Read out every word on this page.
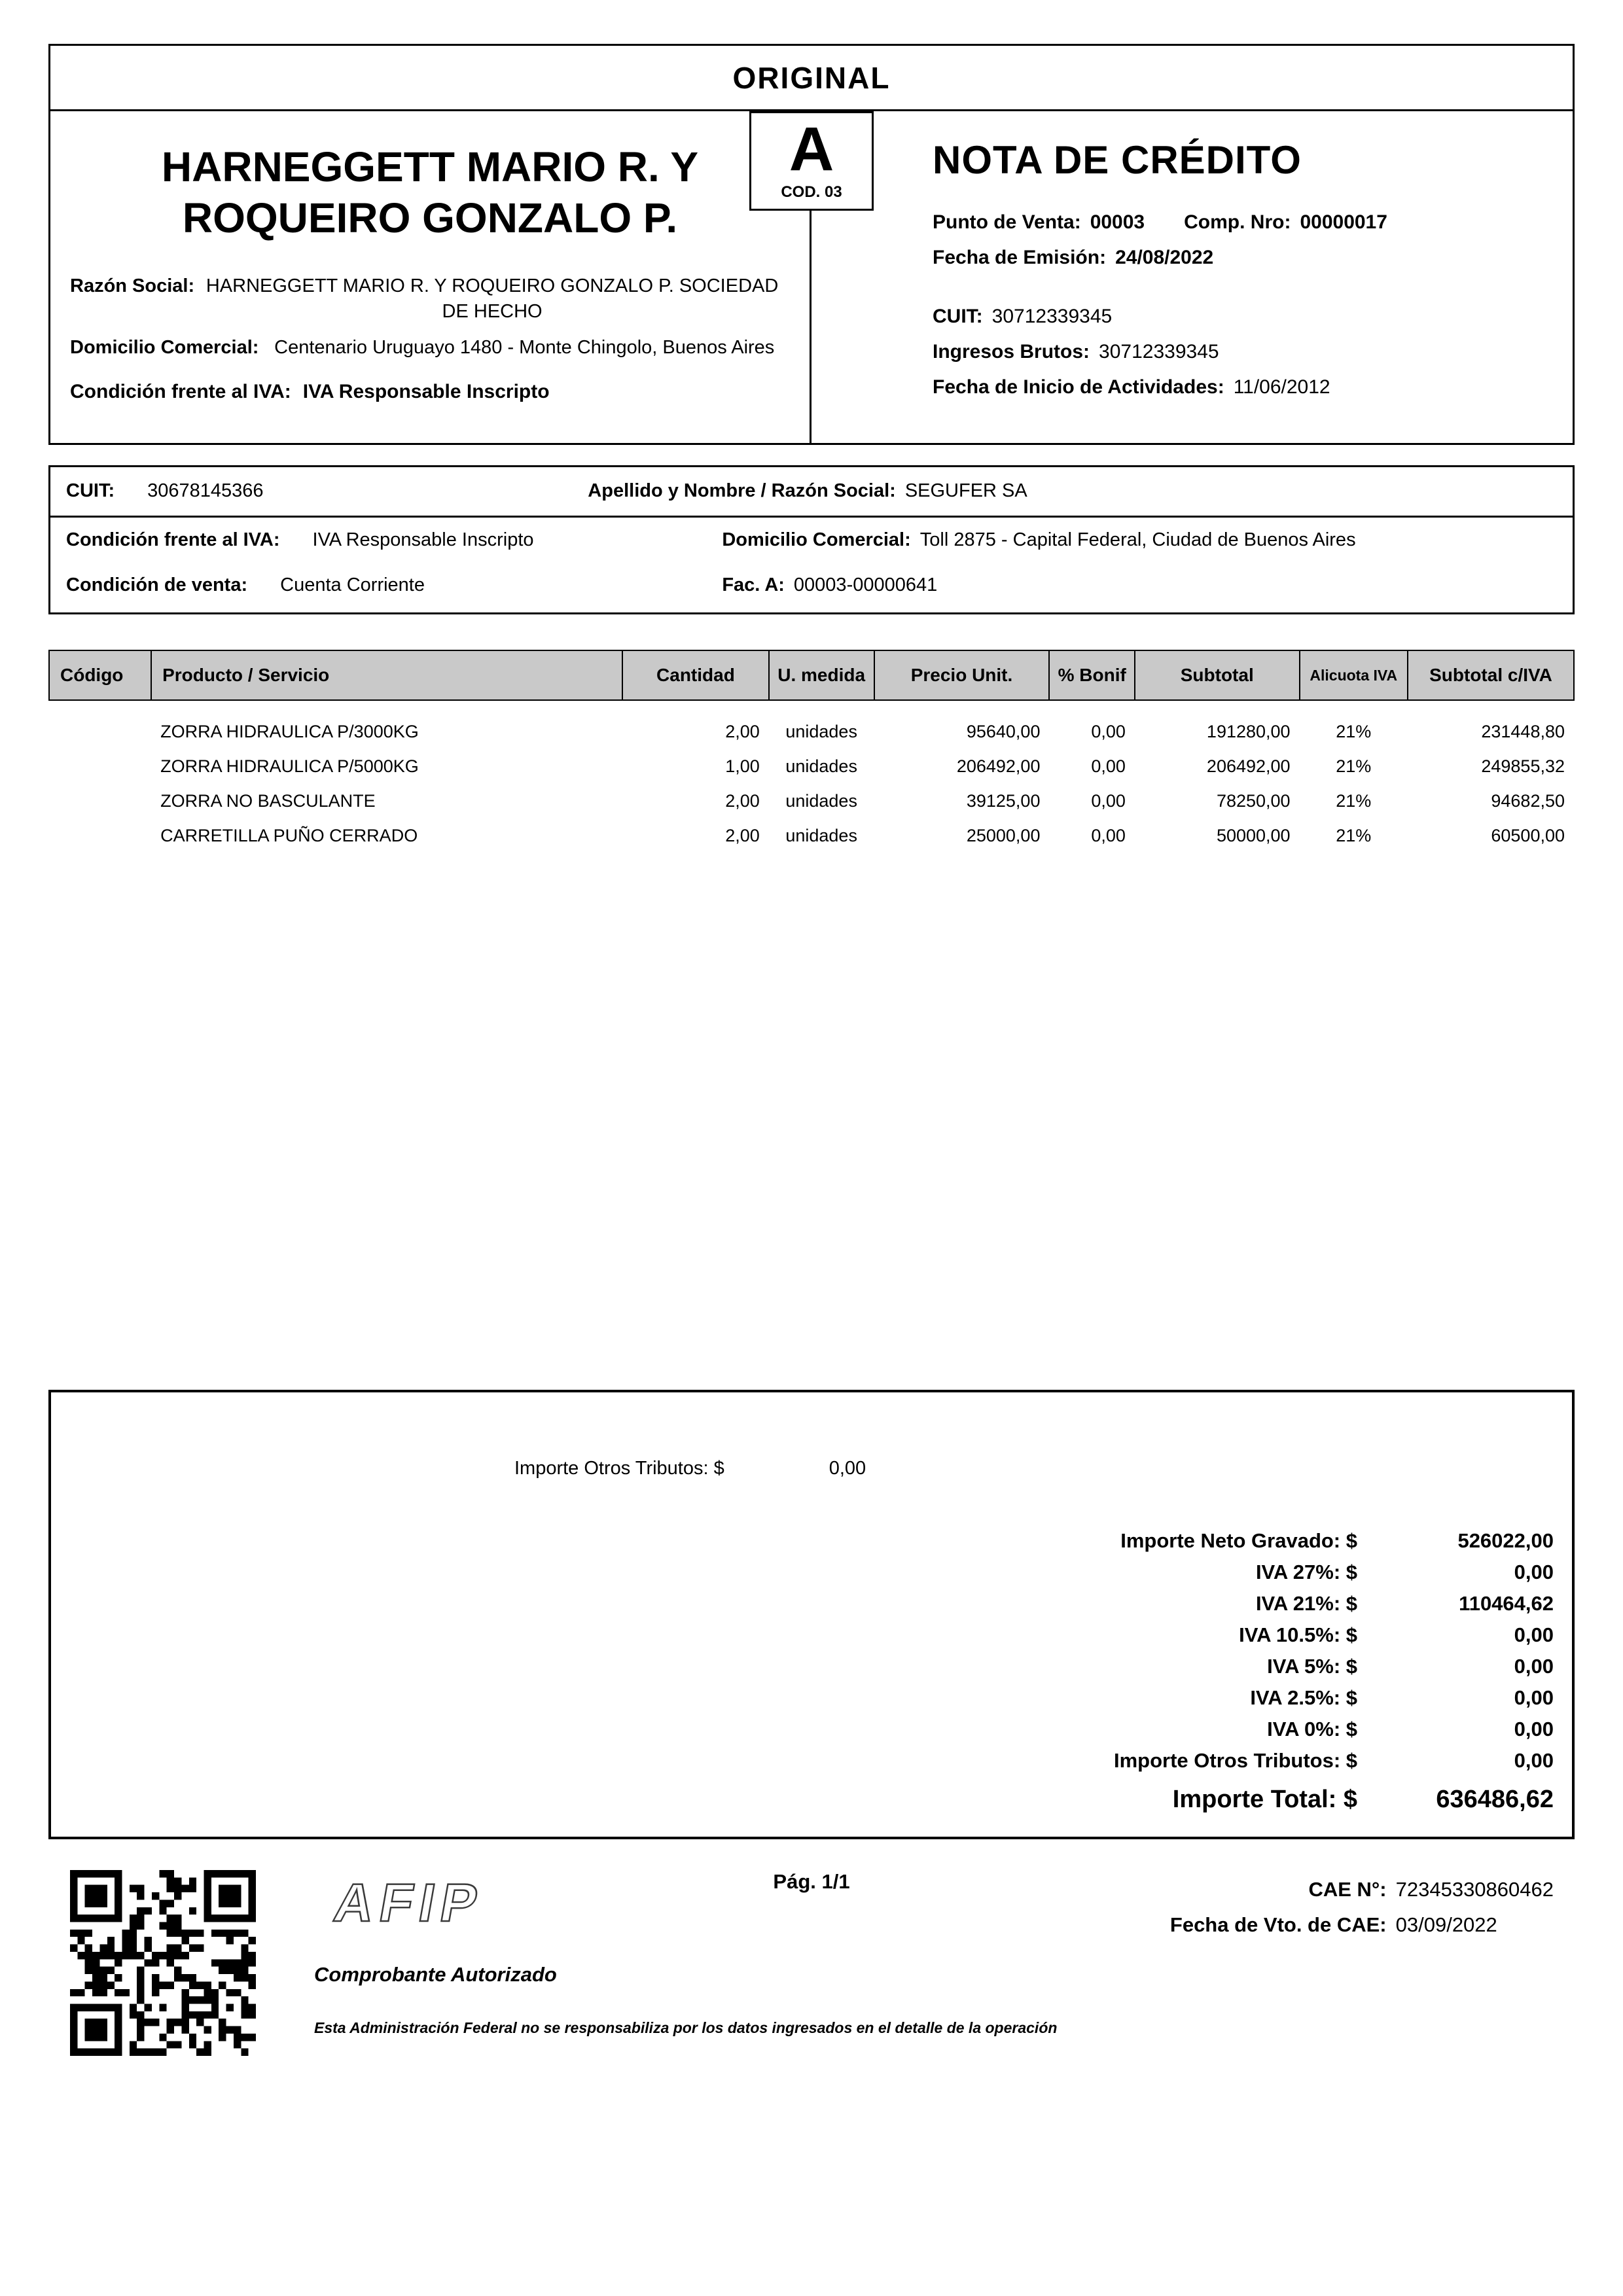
ORIGINAL
HARNEGGETT MARIO R. Y ROQUEIRO GONZALO P.
Razón Social: HARNEGGETT MARIO R. Y ROQUEIRO GONZALO P. SOCIEDAD DE HECHO
Domicilio Comercial: Centenario Uruguayo 1480 - Monte Chingolo, Buenos Aires
Condición frente al IVA: IVA Responsable Inscripto
A
COD. 03
NOTA DE CRÉDITO
Punto de Venta: 00003 Comp. Nro: 00000017
Fecha de Emisión: 24/08/2022
CUIT: 30712339345
Ingresos Brutos: 30712339345
Fecha de Inicio de Actividades: 11/06/2012
CUIT: 30678145366	Apellido y Nombre / Razón Social: SEGUFER SA
Condición frente al IVA: IVA Responsable Inscripto	Domicilio Comercial: Toll 2875 - Capital Federal, Ciudad de Buenos Aires
Condición de venta: Cuenta Corriente	Fac. A: 00003-00000641
Código	Producto / Servicio	Cantidad	U. medida	Precio Unit.	% Bonif	Subtotal	Alicuota IVA	Subtotal c/IVA
	ZORRA HIDRAULICA P/3000KG	2,00	unidades	95640,00	0,00	191280,00	21%	231448,80
	ZORRA HIDRAULICA P/5000KG	1,00	unidades	206492,00	0,00	206492,00	21%	249855,32
	ZORRA NO BASCULANTE	2,00	unidades	39125,00	0,00	78250,00	21%	94682,50
	CARRETILLA PUÑO CERRADO	2,00	unidades	25000,00	0,00	50000,00	21%	60500,00
Importe Otros Tributos: $	0,00
Importe Neto Gravado: $	526022,00
IVA 27%: $	0,00
IVA 21%: $	110464,62
IVA 10.5%: $	0,00
IVA 5%: $	0,00
IVA 2.5%: $	0,00
IVA 0%: $	0,00
Importe Otros Tributos: $	0,00
Importe Total: $	636486,62
AFIP	Pág. 1/1	CAE N°: 72345330860462
Fecha de Vto. de CAE: 03/09/2022
Comprobante Autorizado
Esta Administración Federal no se responsabiliza por los datos ingresados en el detalle de la operación
